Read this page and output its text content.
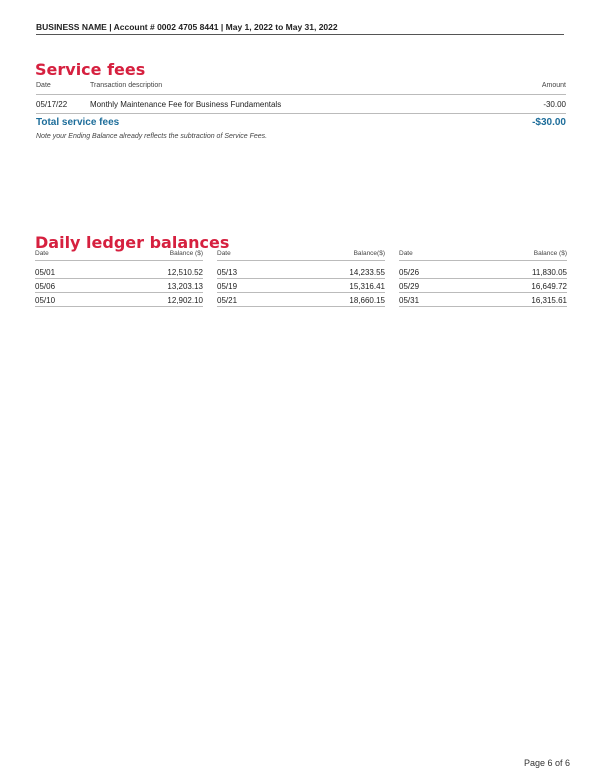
BUSINESS NAME | Account # 0002 4705 8441 | May 1, 2022 to May 31, 2022
Service fees
Date	Transaction description	Amount
05/17/22	Monthly Maintenance Fee for Business Fundamentals	-30.00
Total service fees	-$30.00
Note your Ending Balance already reflects the subtraction of Service Fees.
Daily ledger balances
Date	Balance ($)
05/01	12,510.52
05/06	13,203.13
05/10	12,902.10
Date	Balance($)
05/13	14,233.55
05/19	15,316.41
05/21	18,660.15
Date	Balance ($)
05/26	11,830.05
05/29	16,649.72
05/31	16,315.61
Page 6 of 6
